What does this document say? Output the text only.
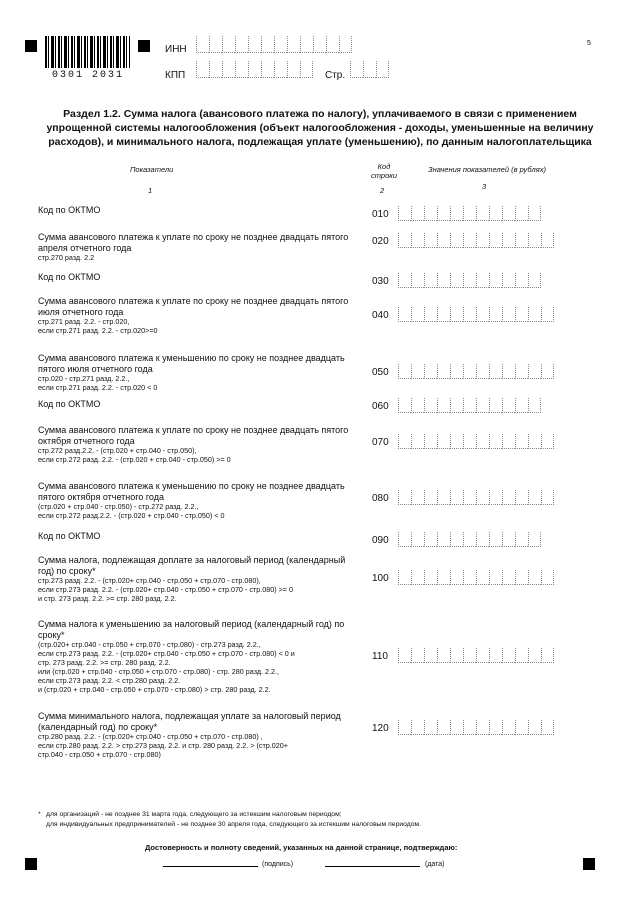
0301 2031
ИНН
КПП	Стр.
5
Раздел 1.2. Сумма налога (авансового платежа по налогу), уплачиваемого в связи с применением упрощенной системы налогообложения (объект налогообложения - доходы, уменьшенные на величину расходов), и минимального налога, подлежащая уплате (уменьшению), по данным налогоплательщика
Показатели	Код строки
Значения показателей (в рублях)
1	2	3
Код по ОКТМО	010
Сумма авансового платежа к уплате по сроку не позднее двадцать пятого апреля отчетного года
стр.270 разд. 2.2
020
Код по ОКТМО	030
Сумма авансового платежа к уплате по сроку не позднее двадцать пятого июля отчетного года
стр.271 разд. 2.2. - стр.020,
если стр.271 разд. 2.2. - стр.020>=0
040
Сумма авансового платежа к уменьшению по сроку не позднее двадцать пятого июля отчетного года
стр.020 - стр.271 разд. 2.2.,
если стр.271 разд. 2.2. - стр.020 < 0
050
Код по ОКТМО	060
Сумма авансового платежа к уплате по сроку не позднее двадцать пятого октября отчетного года
стр.272 разд.2.2. - (стр.020 + стр.040 - стр.050),
если стр.272 разд. 2.2. - (стр.020 + стр.040 - стр.050) >= 0
070
Сумма авансового платежа к уменьшению по сроку не позднее двадцать пятого октября отчетного года
(стр.020 + стр.040 - стр.050) - стр.272 разд. 2.2.,
если стр.272 разд.2.2. - (стр.020 + стр.040 - стр.050) < 0
080
Код по ОКТМО	090
Сумма налога, подлежащая доплате за налоговый период (календарный год) по сроку*
стр.273 разд. 2.2. - (стр.020+ стр.040 - стр.050 + стр.070 - стр.080),
если стр.273 разд. 2.2. - (стр.020+ стр.040 - стр.050 + стр.070 - стр.080) >= 0
и стр. 273 разд. 2.2. >= стр. 280 разд. 2.2.
100
Сумма налога к уменьшению за налоговый период (календарный год) по сроку*
(стр.020+ стр.040 - стр.050 + стр.070 - стр.080) - стр.273 разд. 2.2.,
если стр.273 разд. 2.2. - (стр.020+ стр.040 - стр.050 + стр.070 - стр.080) < 0 и
стр. 273 разд. 2.2. >= стр. 280 разд. 2.2.
или (стр.020 + стр.040 - стр.050 + стр.070 - стр.080) - стр. 280 разд. 2.2.,
если стр.273 разд. 2.2. < стр.280 разд. 2.2.
и (стр.020 + стр.040 - стр.050 + стр.070 - стр.080) > стр. 280 разд. 2.2.
110
Сумма минимального налога, подлежащая уплате за налоговый период (календарный год) по сроку*
стр.280 разд. 2.2. - (стр.020+ стр.040 - стр.050 + стр.070 - стр.080) ,
если стр.280 разд. 2.2. > стр.273 разд. 2.2. и стр. 280 разд. 2.2. > (стр.020+
стр.040 - стр.050 + стр.070 - стр.080)
120
* для организаций - не позднее 31 марта года, следующего за истекшим налоговым периодом;
для индивидуальных предпринимателей - не позднее 30 апреля года, следующего за истекшим налоговым периодом.
Достоверность и полноту сведений, указанных на данной странице, подтверждаю:
(подпись)	(дата)
